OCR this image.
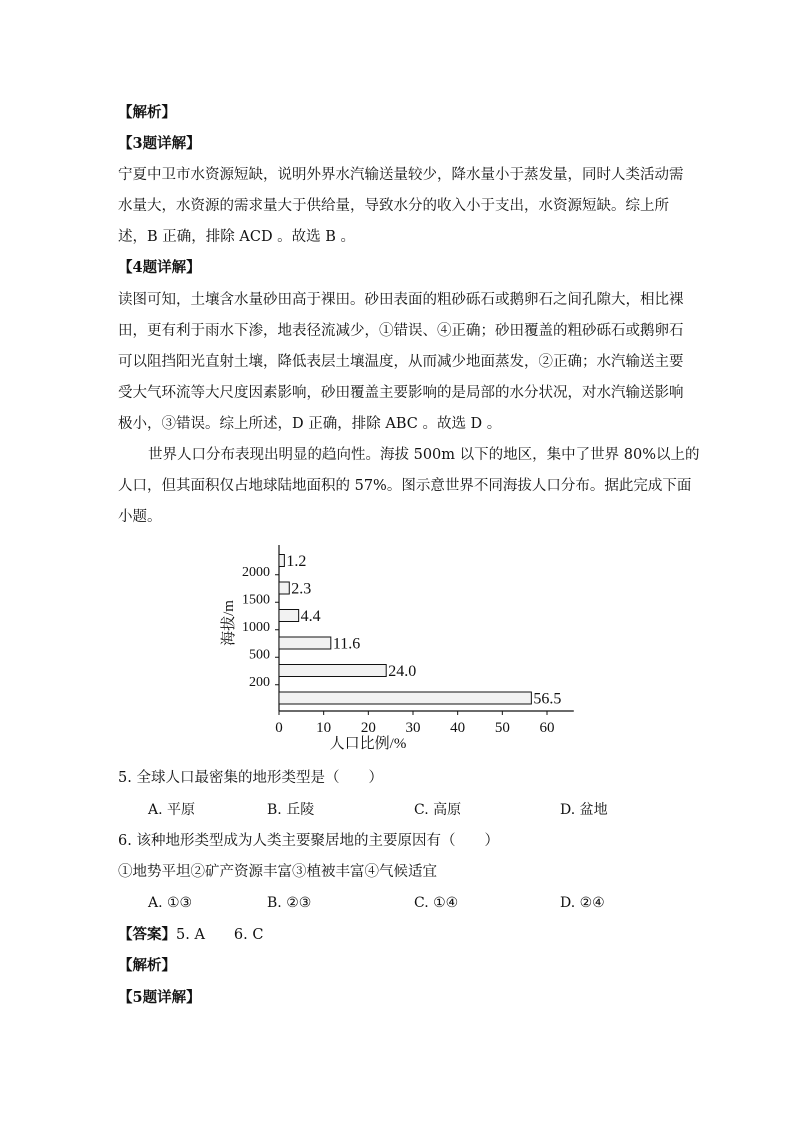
【解析】
【3题详解】
宁夏中卫市水资源短缺，说明外界水汽输送量较少，降水量小于蒸发量，同时人类活动需
水量大，水资源的需求量大于供给量，导致水分的收入小于支出，水资源短缺。综上所
述，B 正确，排除 ACD 。故选 B 。
【4题详解】
读图可知，土壤含水量砂田高于裸田。砂田表面的粗砂砾石或鹅卵石之间孔隙大，相比裸
田，更有利于雨水下渗，地表径流减少，①错误、④正确；砂田覆盖的粗砂砾石或鹅卵石
可以阻挡阳光直射土壤，降低表层土壤温度，从而减少地面蒸发，②正确；水汽输送主要
受大气环流等大尺度因素影响，砂田覆盖主要影响的是局部的水分状况，对水汽输送影响
极小，③错误。综上所述，D 正确，排除 ABC 。故选 D 。
世界人口分布表现出明显的趋向性。海拔 500m 以下的地区，集中了世界 80%以上的
人口，但其面积仅占地球陆地面积的 57%。图示意世界不同海拔人口分布。据此完成下面
小题。
56.5
24.0
11.6
4.4
2.3
1.2
200
500
1000
1500
2000
0 10 20 30 40 50 60
人口比例/%
海拔/m
5. 全球人口最密集的地形类型是（　　）
A. 平原	B. 丘陵	C. 高原	D. 盆地
6. 该种地形类型成为人类主要聚居地的主要原因有（　　）
①地势平坦②矿产资源丰富③植被丰富④气候适宜
A. ①③	B. ②③	C. ①④	D. ②④
【答案】5. A　　6. C
【解析】
【5题详解】
